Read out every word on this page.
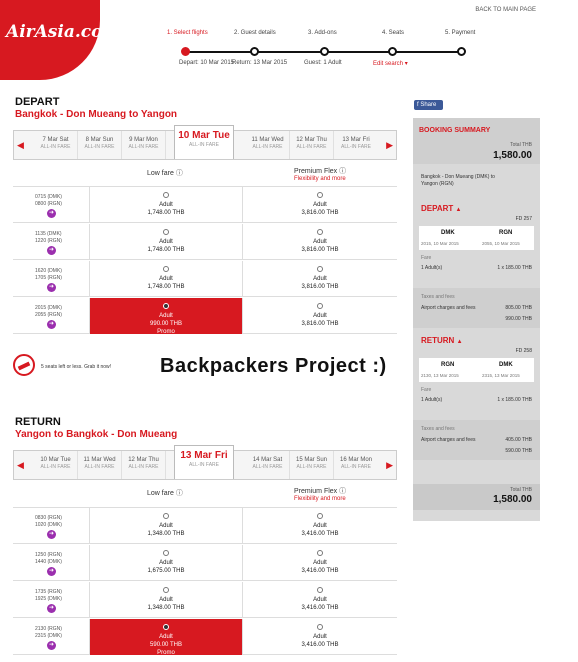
AirAsia.com
BACK TO MAIN PAGE
1. Select flights	2. Guest details	3. Add-ons	4. Seats	5. Payment
Depart: 10 Mar 2015
Return: 13 Mar 2015	Guest: 1 Adult	Edit search ▾
DEPART
Bangkok - Don Mueang to Yangon
◀	7 Mar Sat
ALL-IN FARE
8 Mar Sun
ALL-IN FARE
9 Mar Mon
ALL-IN FARE
10 Mar Tue
ALL-IN FARE
11 Mar Wed
ALL-IN FARE
12 Mar Thu
ALL-IN FARE
13 Mar Fri
ALL-IN FARE	▶
Low fare ⓘ	Premium Flex ⓘ
Flexibility and more
0715 (DMK)
0800 (RGN)
➜

Adult
1,748.00 THB

Adult
3,816.00 THB
1135 (DMK)
1220 (RGN)
➜

Adult
1,748.00 THB

Adult
3,816.00 THB
1620 (DMK)
1705 (RGN)
➜

Adult
1,748.00 THB

Adult
3,816.00 THB
2015 (DMK)
2055 (RGN)
➜

Adult
990.00 THB
Promo

Adult
3,816.00 THB
5 seats left or less. Grab it now! Backpackers Project :)
RETURN
Yangon to Bangkok - Don Mueang
◀	10 Mar Tue
ALL-IN FARE
11 Mar Wed
ALL-IN FARE
12 Mar Thu
ALL-IN FARE
13 Mar Fri
ALL-IN FARE
14 Mar Sat
ALL-IN FARE
15 Mar Sun
ALL-IN FARE
16 Mar Mon
ALL-IN FARE	▶
Low fare ⓘ	Premium Flex ⓘ
Flexibility and more
0830 (RGN)
1020 (DMK)
➜

Adult
1,348.00 THB

Adult
3,416.00 THB
1250 (RGN)
1440 (DMK)
➜

Adult
1,675.00 THB

Adult
3,416.00 THB
1735 (RGN)
1925 (DMK)
➜

Adult
1,348.00 THB

Adult
3,416.00 THB
2130 (RGN)
2315 (DMK)
➜

Adult
590.00 THB
Promo

Adult
3,416.00 THB
f Share
BOOKING SUMMARY
Total THB
1,580.00
Bangkok - Don Mueang (DMK) to
Yangon (RGN)
DEPART ▲
FD 257
DMK	RGN
2015, 10 Mar 2015	2055, 10 Mar 2015
Fare
1 Adult(s)	1 x 185.00 THB
Taxes and fees
Airport charges and fees	805.00 THB
990.00 THB
RETURN ▲
FD 258
RGN	DMK
2130, 13 Mar 2015	2315, 13 Mar 2015
Fare
1 Adult(s)	1 x 185.00 THB
Taxes and fees
Airport charges and fees	405.00 THB
590.00 THB
Total THB
1,580.00
